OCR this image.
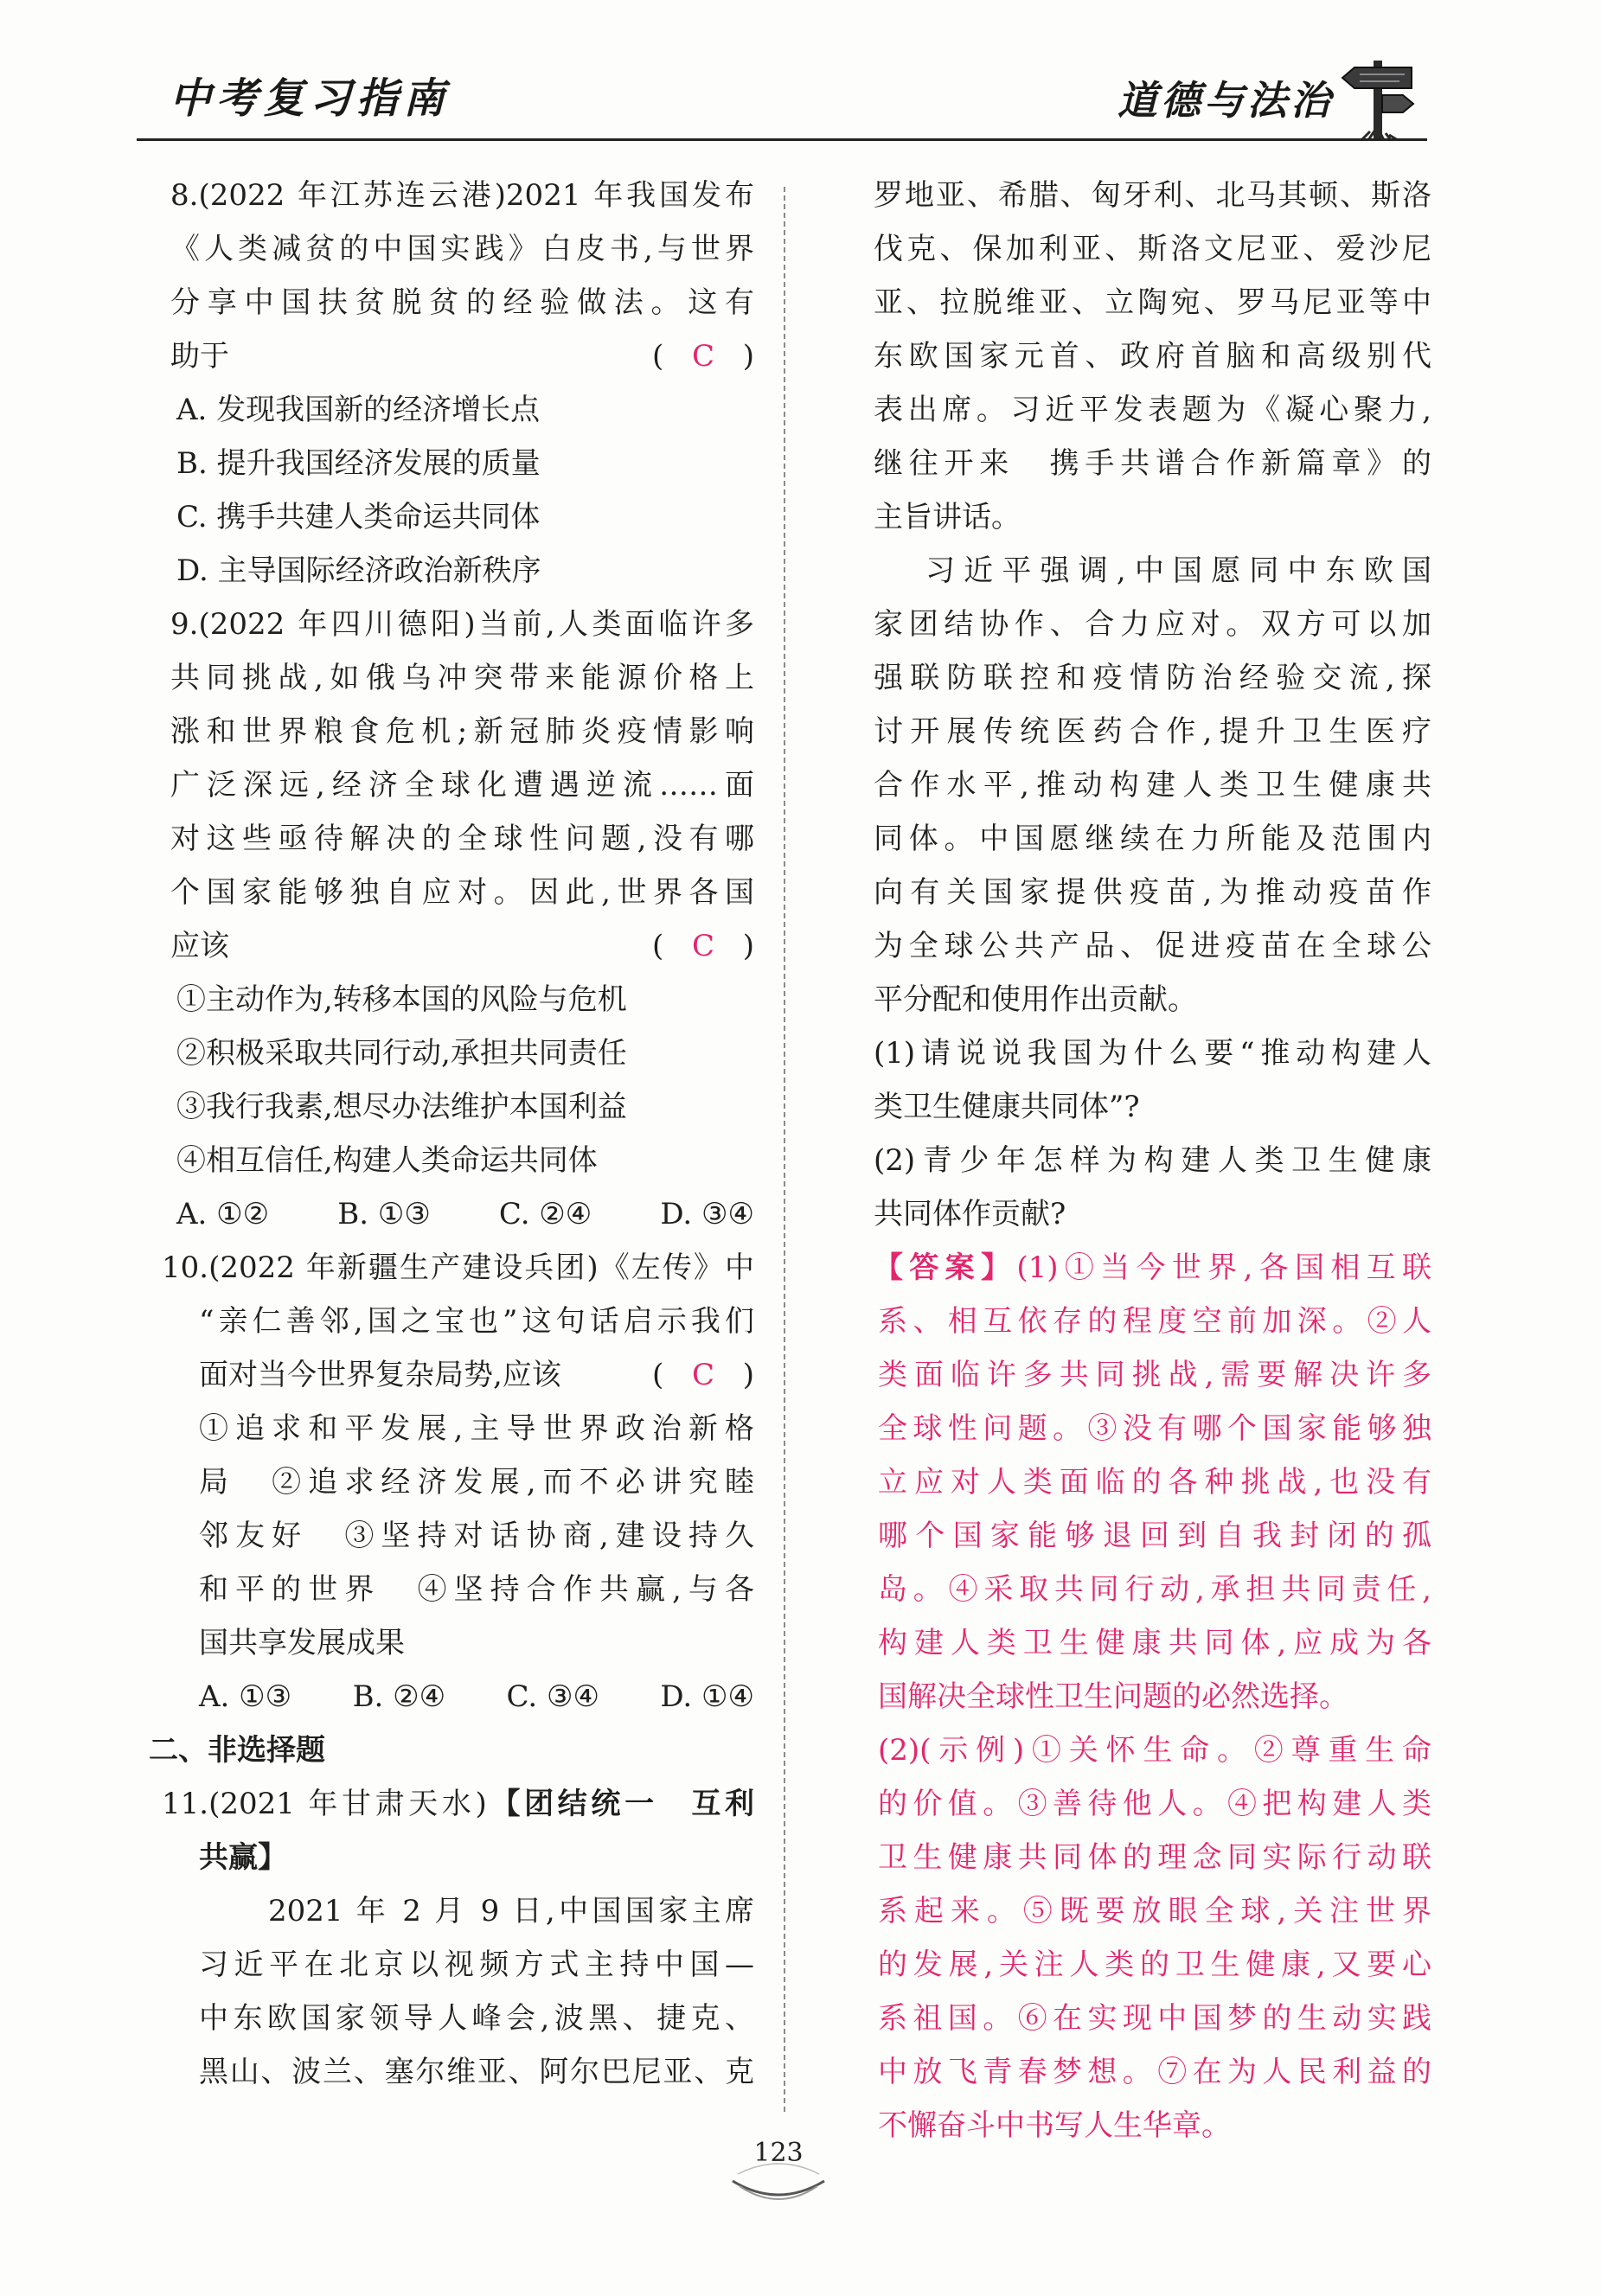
中考复习指南	道德与法治
8.(2022 年江苏连云港)2021 年我国发布
《人类减贫的中国实践》白皮书,与世界
分享中国扶贫脱贫的经验做法。这有
助于	( C )
A. 发现我国新的经济增长点
B. 提升我国经济发展的质量
C. 携手共建人类命运共同体
D. 主导国际经济政治新秩序
9.(2022 年四川德阳)当前,人类面临许多
共同挑战,如俄乌冲突带来能源价格上
涨和世界粮食危机;新冠肺炎疫情影响
广泛深远,经济全球化遭遇逆流……面
对这些亟待解决的全球性问题,没有哪
个国家能够独自应对。因此,世界各国
应该	( C )
①主动作为,转移本国的风险与危机
②积极采取共同行动,承担共同责任
③我行我素,想尽办法维护本国利益
④相互信任,构建人类命运共同体
A. ①② B. ①③ C. ②④ D. ③④
10.(2022 年新疆生产建设兵团)《左传》中
“亲仁善邻,国之宝也”这句话启示我们
面对当今世界复杂局势,应该	( C )
①追求和平发展,主导世界政治新格
局　②追求经济发展,而不必讲究睦
邻友好　③坚持对话协商,建设持久
和平的世界　④坚持合作共赢,与各
国共享发展成果
A. ①③ B. ②④ C. ③④ D. ①④
二、非选择题
11.(2021 年甘肃天水)【团结统一　互利
共赢】
2021 年 2 月 9 日,中国国家主席
习近平在北京以视频方式主持中国—
中东欧国家领导人峰会,波黑、捷克、
黑山、波兰、塞尔维亚、阿尔巴尼亚、克
罗地亚、希腊、匈牙利、北马其顿、斯洛
伐克、保加利亚、斯洛文尼亚、爱沙尼
亚、拉脱维亚、立陶宛、罗马尼亚等中
东欧国家元首、政府首脑和高级别代
表出席。习近平发表题为《凝心聚力,
继往开来　携手共谱合作新篇章》的
主旨讲话。
习近平强调,中国愿同中东欧国
家团结协作、合力应对。双方可以加
强联防联控和疫情防治经验交流,探
讨开展传统医药合作,提升卫生医疗
合作水平,推动构建人类卫生健康共
同体。中国愿继续在力所能及范围内
向有关国家提供疫苗,为推动疫苗作
为全球公共产品、促进疫苗在全球公
平分配和使用作出贡献。
(1)请说说我国为什么要“推动构建人
类卫生健康共同体”?
(2)青少年怎样为构建人类卫生健康
共同体作贡献?
【答案】(1)①当今世界,各国相互联
系、相互依存的程度空前加深。②人
类面临许多共同挑战,需要解决许多
全球性问题。③没有哪个国家能够独
立应对人类面临的各种挑战,也没有
哪个国家能够退回到自我封闭的孤
岛。④采取共同行动,承担共同责任,
构建人类卫生健康共同体,应成为各
国解决全球性卫生问题的必然选择。
(2)(示例)①关怀生命。②尊重生命
的价值。③善待他人。④把构建人类
卫生健康共同体的理念同实际行动联
系起来。⑤既要放眼全球,关注世界
的发展,关注人类的卫生健康,又要心
系祖国。⑥在实现中国梦的生动实践
中放飞青春梦想。⑦在为人民利益的
不懈奋斗中书写人生华章。
123
